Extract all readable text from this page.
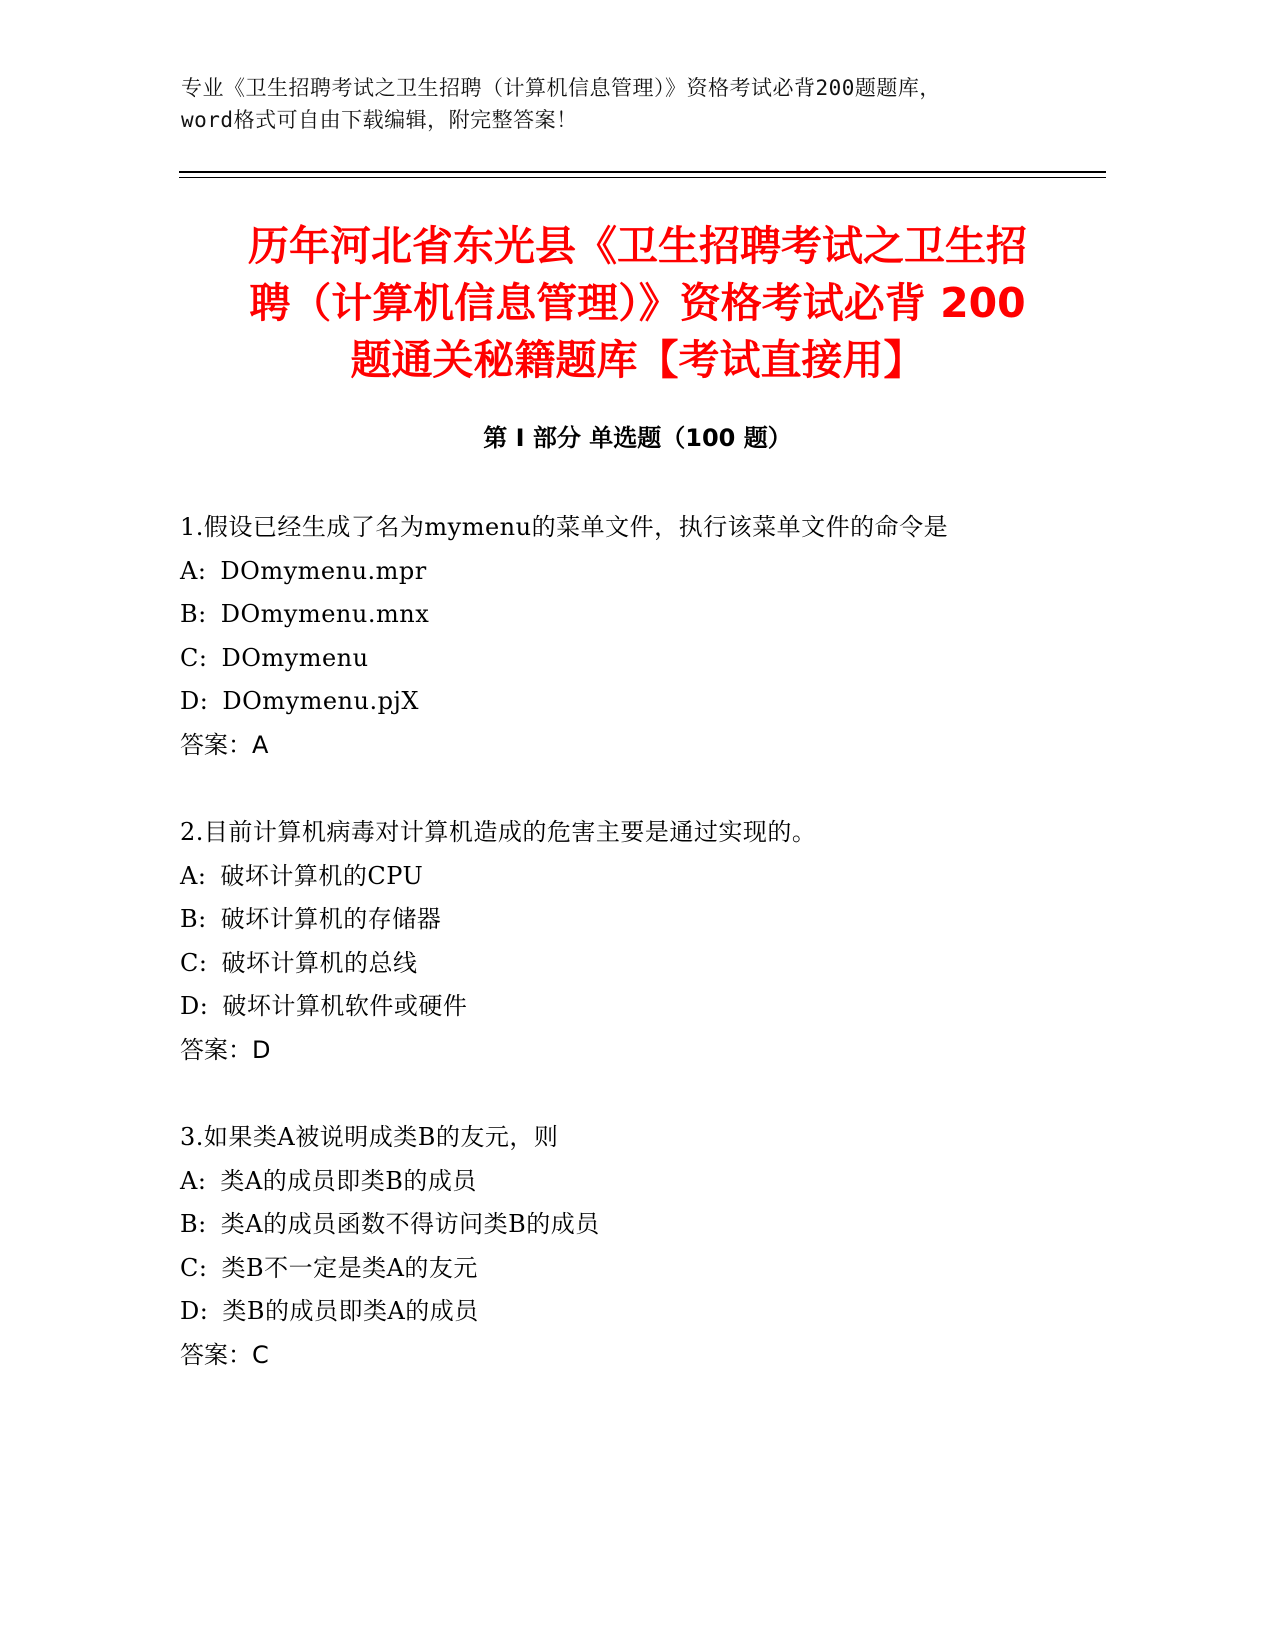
专业《卫生招聘考试之卫生招聘（计算机信息管理）》资格考试必背200题题库，
word格式可自由下载编辑，附完整答案！
历年河北省东光县《卫生招聘考试之卫生招
聘（计算机信息管理）》资格考试必背 200
题通关秘籍题库【考试直接用】
第 I 部分 单选题（100 题）
1.假设已经生成了名为mymenu的菜单文件，执行该菜单文件的命令是
A: DOmymenu.mpr
B: DOmymenu.mnx
C: DOmymenu
D: DOmymenu.pjX
答案：A
2.目前计算机病毒对计算机造成的危害主要是通过实现的。
A: 破坏计算机的CPU
B: 破坏计算机的存储器
C: 破坏计算机的总线
D: 破坏计算机软件或硬件
答案：D
3.如果类A被说明成类B的友元，则
A: 类A的成员即类B的成员
B: 类A的成员函数不得访问类B的成员
C: 类B不一定是类A的友元
D: 类B的成员即类A的成员
答案：C
